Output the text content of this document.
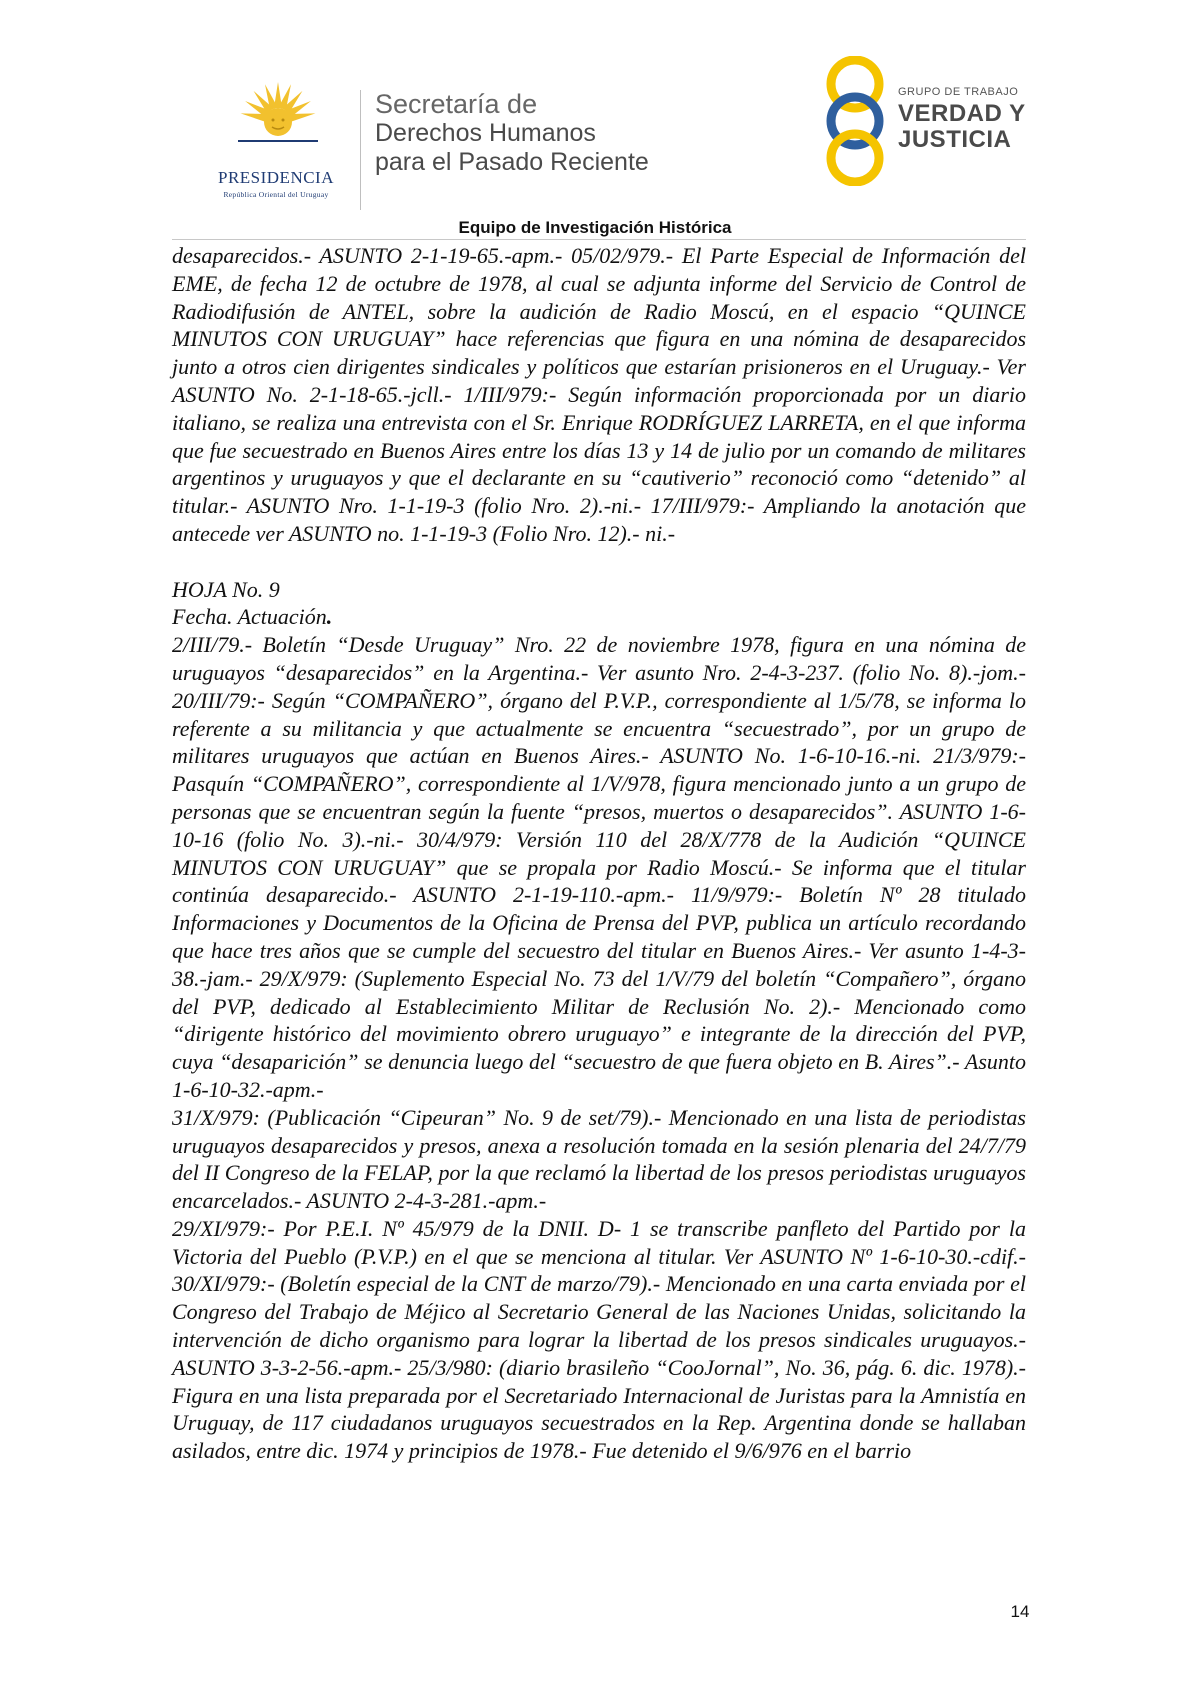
PRESIDENCIA
República Oriental del Uruguay
Secretaría de
Derechos Humanos
para el Pasado Reciente
GRUPO DE TRABAJO
VERDAD Y
JUSTICIA
Equipo de Investigación Histórica

desaparecidos.- ASUNTO 2-1-19-65.-apm.- 05/02/979.- El Parte Especial de Información del EME, de fecha 12 de octubre de 1978, al cual se adjunta informe del Servicio de Control de Radiodifusión de ANTEL, sobre la audición de Radio Moscú, en el espacio “QUINCE MINUTOS CON URUGUAY” hace referencias que figura en una nómina de desaparecidos junto a otros cien dirigentes sindicales y políticos que estarían prisioneros en el Uruguay.- Ver ASUNTO No. 2-1-18-65.-jcll.- 1/III/979:- Según información proporcionada por un diario italiano, se realiza una entrevista con el Sr. Enrique RODRÍGUEZ LARRETA, en el que informa que fue secuestrado en Buenos Aires entre los días 13 y 14 de julio por un comando de militares argentinos y uruguayos y que el declarante en su “cautiverio” reconoció como “detenido” al titular.- ASUNTO Nro. 1-1-19-3 (folio Nro. 2).-ni.- 17/III/979:- Ampliando la anotación que antecede ver ASUNTO no. 1-1-19-3 (Folio Nro. 12).- ni.-

HOJA No. 9

Fecha. Actuación.

2/III/79.- Boletín “Desde Uruguay” Nro. 22 de noviembre 1978, figura en una nómina de uruguayos “desaparecidos” en la Argentina.- Ver asunto Nro. 2-4-3-237. (folio No. 8).-jom.- 20/III/79:- Según “COMPAÑERO”, órgano del P.V.P., correspondiente al 1/5/78, se informa lo referente a su militancia y que actualmente se encuentra “secuestrado”, por un grupo de militares uruguayos que actúan en Buenos Aires.- ASUNTO No. 1-6-10-16.-ni. 21/3/979:- Pasquín “COMPAÑERO”, correspondiente al 1/V/978, figura mencionado junto a un grupo de personas que se encuentran según la fuente “presos, muertos o desaparecidos”. ASUNTO 1-6-10-16 (folio No. 3).-ni.- 30/4/979: Versión 110 del 28/X/778 de la Audición “QUINCE MINUTOS CON URUGUAY” que se propala por Radio Moscú.- Se informa que el titular continúa desaparecido.- ASUNTO 2-1-19-110.-apm.- 11/9/979:- Boletín Nº 28 titulado Informaciones y Documentos de la Oficina de Prensa del PVP, publica un artículo recordando que hace tres años que se cumple del secuestro del titular en Buenos Aires.- Ver asunto 1-4-3-38.-jam.- 29/X/979: (Suplemento Especial No. 73 del 1/V/79 del boletín “Compañero”, órgano del PVP, dedicado al Establecimiento Militar de Reclusión No. 2).- Mencionado como “dirigente histórico del movimiento obrero uruguayo” e integrante de la dirección del PVP, cuya “desaparición” se denuncia luego del “secuestro de que fuera objeto en B. Aires”.- Asunto 1-6-10-32.-apm.-

31/X/979: (Publicación “Cipeuran” No. 9 de set/79).- Mencionado en una lista de periodistas uruguayos desaparecidos y presos, anexa a resolución tomada en la sesión plenaria del 24/7/79 del II Congreso de la FELAP, por la que reclamó la libertad de los presos periodistas uruguayos encarcelados.- ASUNTO 2-4-3-281.-apm.-

29/XI/979:- Por P.E.I. Nº 45/979 de la DNII. D- 1 se transcribe panfleto del Partido por la Victoria del Pueblo (P.V.P.) en el que se menciona al titular. Ver ASUNTO Nº 1-6-10-30.-cdif.- 30/XI/979:- (Boletín especial de la CNT de marzo/79).- Mencionado en una carta enviada por el Congreso del Trabajo de Méjico al Secretario General de las Naciones Unidas, solicitando la intervención de dicho organismo para lograr la libertad de los presos sindicales uruguayos.- ASUNTO 3-3-2-56.-apm.- 25/3/980: (diario brasileño “CooJornal”, No. 36, pág. 6. dic. 1978).- Figura en una lista preparada por el Secretariado Internacional de Juristas para la Amnistía en Uruguay, de 117 ciudadanos uruguayos secuestrados en la Rep. Argentina donde se hallaban asilados, entre dic. 1974 y principios de 1978.- Fue detenido el 9/6/976 en el barrio

14
